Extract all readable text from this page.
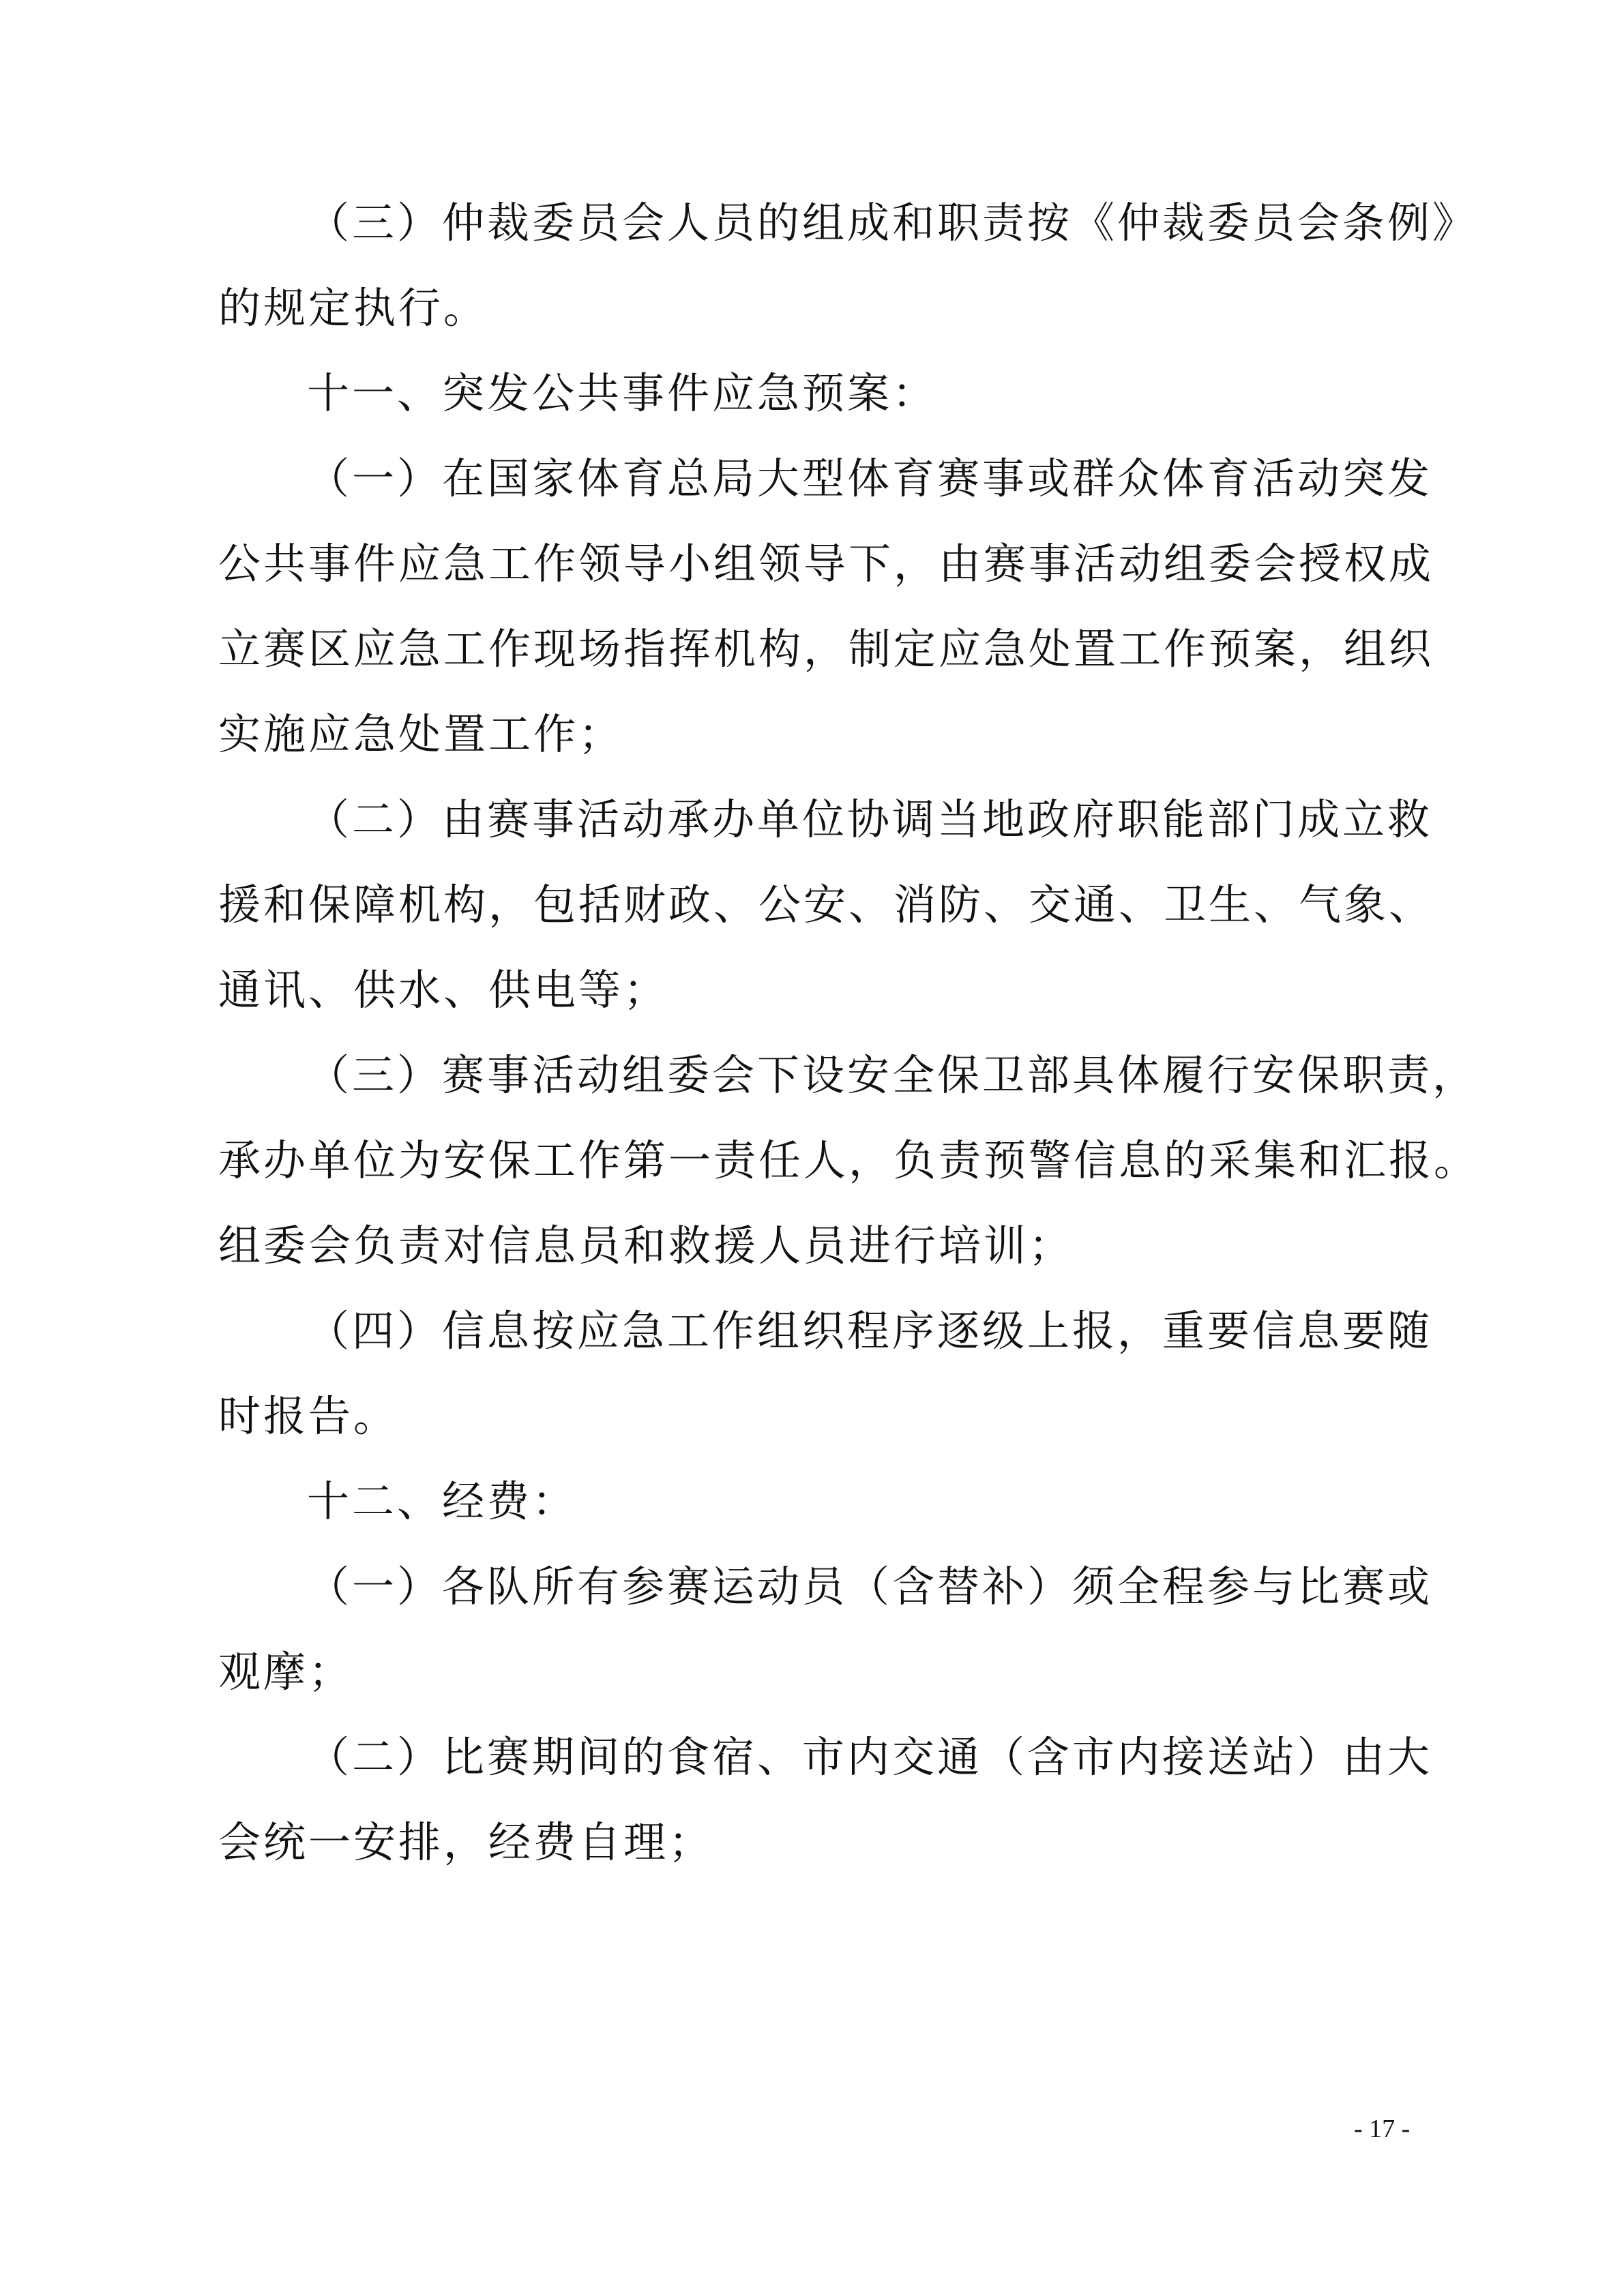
（三）仲裁委员会人员的组成和职责按《仲裁委员会条例》
的规定执行。
十一、突发公共事件应急预案：
（一）在国家体育总局大型体育赛事或群众体育活动突发
公共事件应急工作领导小组领导下，由赛事活动组委会授权成
立赛区应急工作现场指挥机构，制定应急处置工作预案，组织
实施应急处置工作；
（二）由赛事活动承办单位协调当地政府职能部门成立救
援和保障机构，包括财政、公安、消防、交通、卫生、气象、
通讯、供水、供电等；
（三）赛事活动组委会下设安全保卫部具体履行安保职责，
承办单位为安保工作第一责任人，负责预警信息的采集和汇报。
组委会负责对信息员和救援人员进行培训；
（四）信息按应急工作组织程序逐级上报，重要信息要随
时报告。
十二、经费：
（一）各队所有参赛运动员（含替补）须全程参与比赛或
观摩；
（二）比赛期间的食宿、市内交通（含市内接送站）由大
会统一安排，经费自理；
- 17 -
